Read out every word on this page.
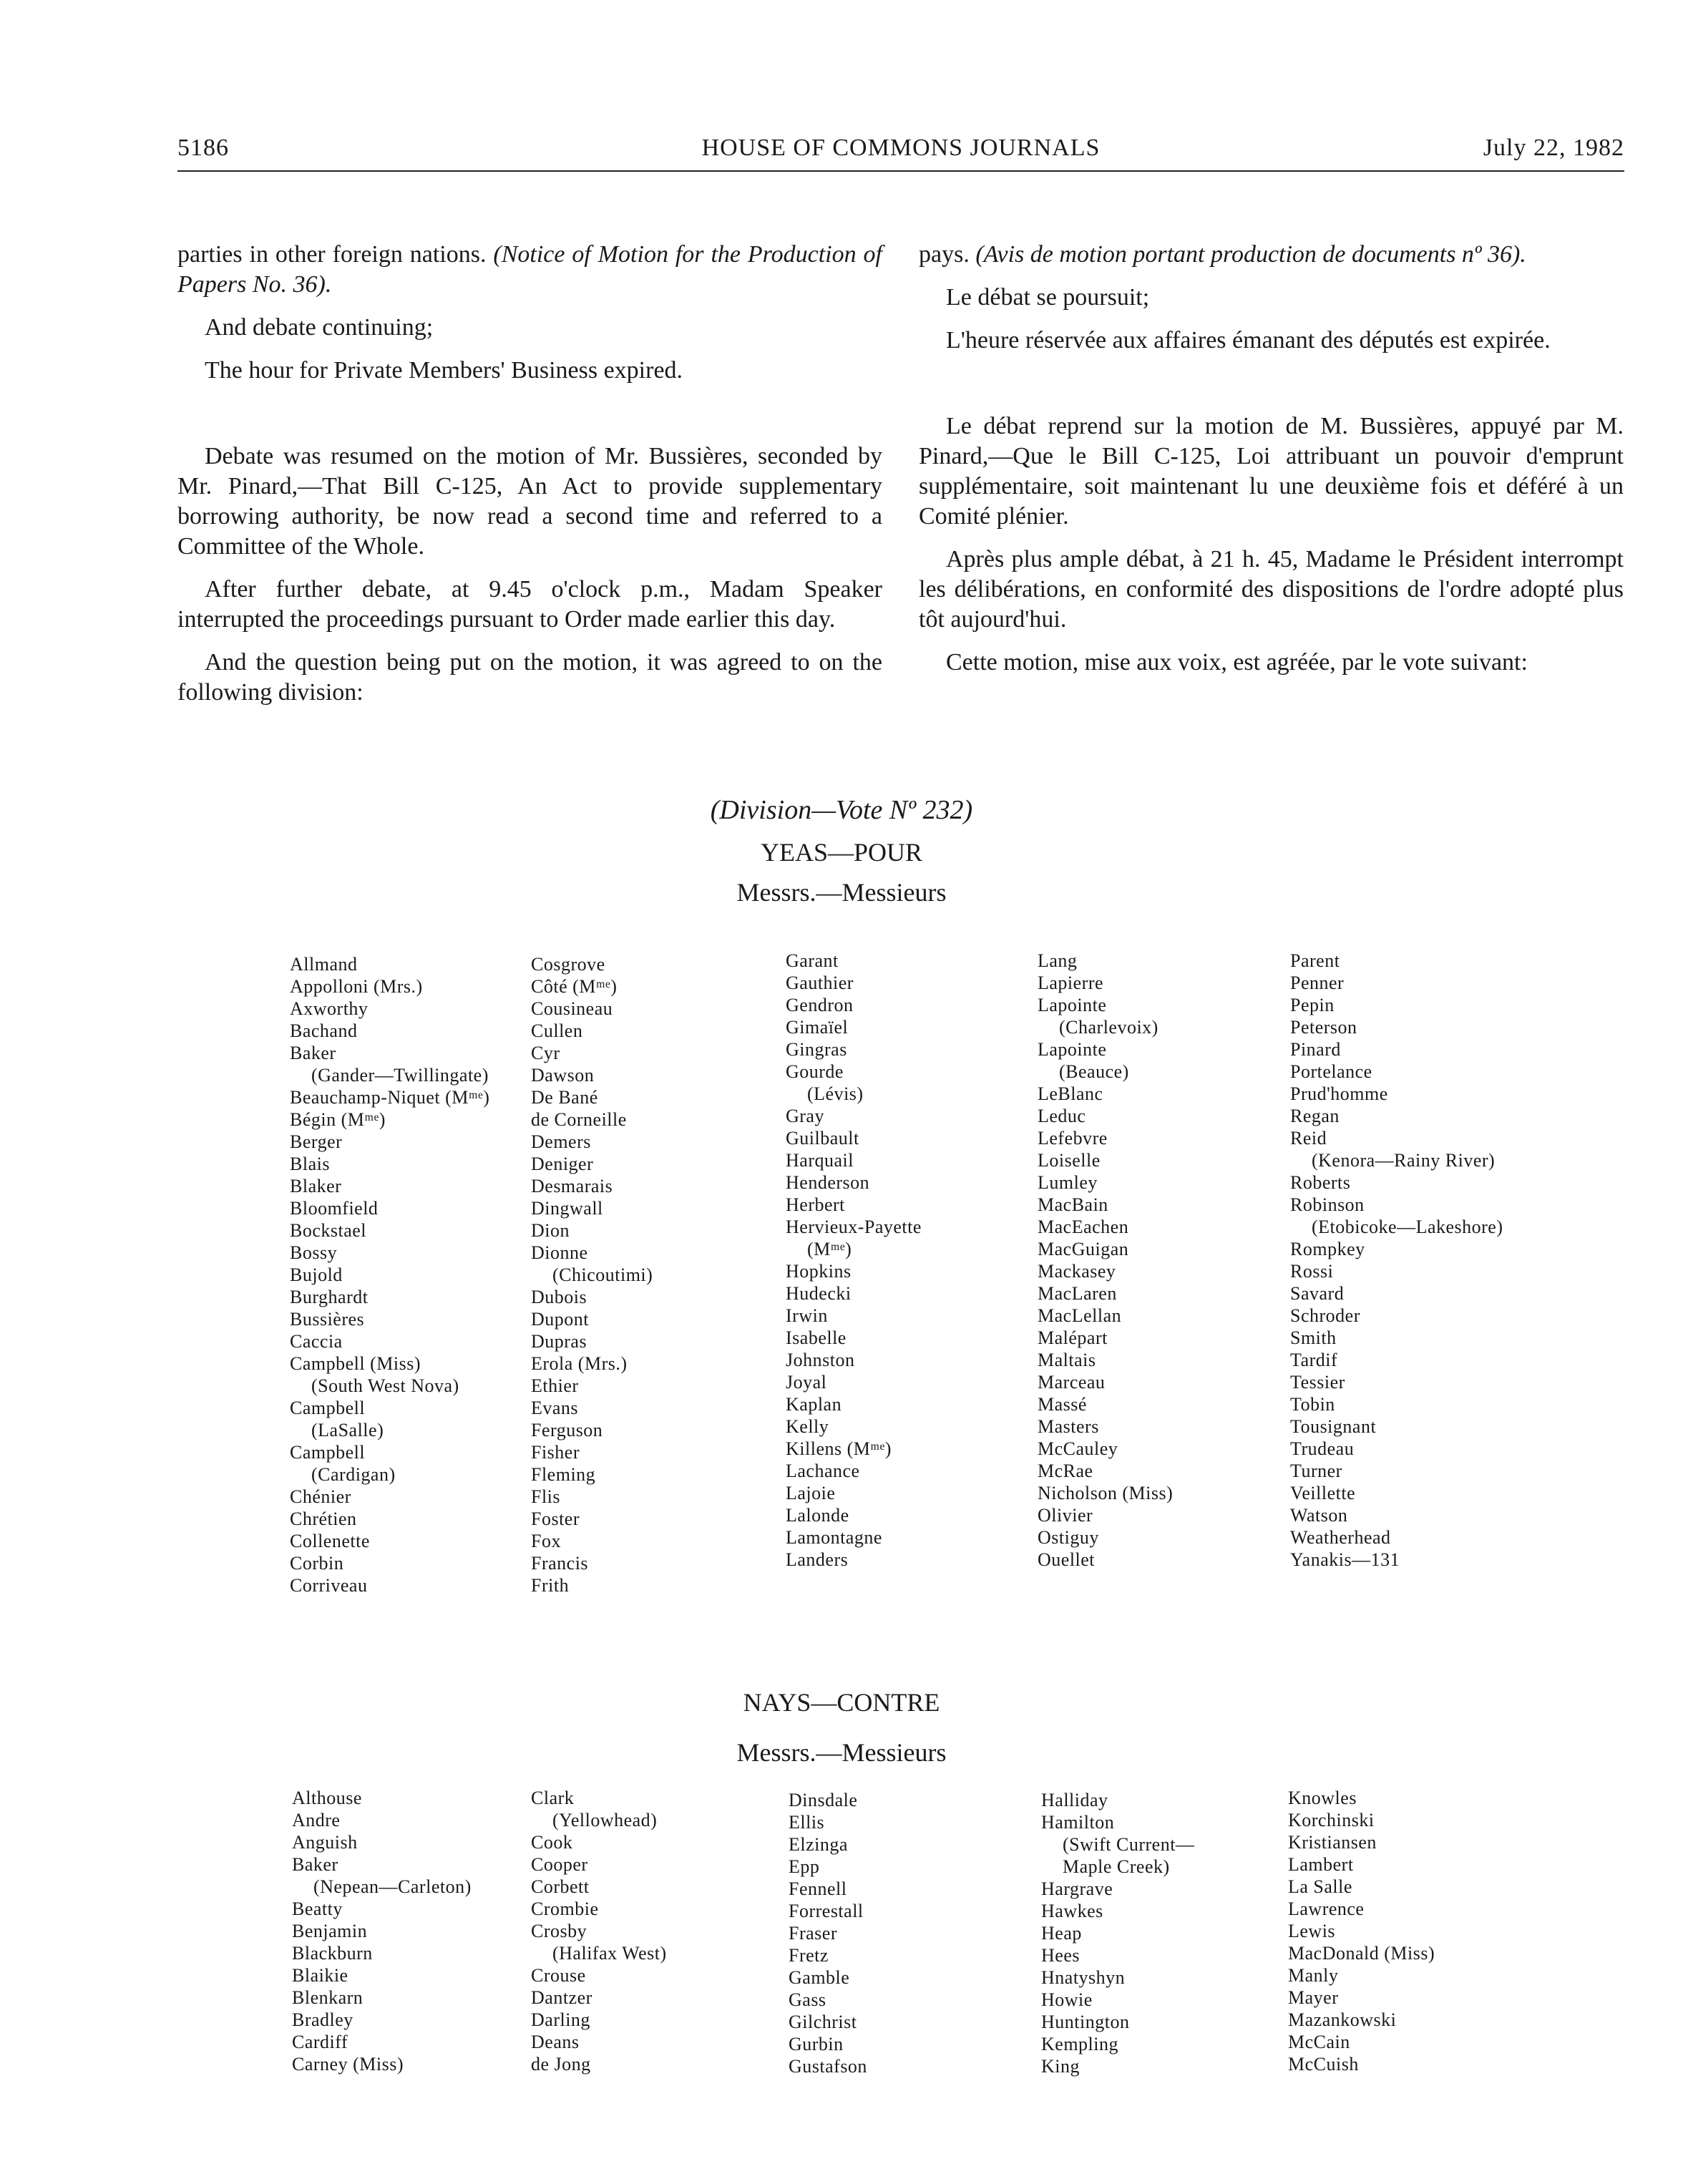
5186	HOUSE OF COMMONS JOURNALS	July 22, 1982

parties in other foreign nations. (Notice of Motion for the Production of Papers No. 36).

And debate continuing;

The hour for Private Members' Business expired.

Debate was resumed on the motion of Mr. Bussières, seconded by Mr. Pinard,—That Bill C-125, An Act to provide supplementary borrowing authority, be now read a second time and referred to a Committee of the Whole.

After further debate, at 9.45 o'clock p.m., Madam Speaker interrupted the proceedings pursuant to Order made earlier this day.

And the question being put on the motion, it was agreed to on the following division:

pays. (Avis de motion portant production de documents nº 36).

Le débat se poursuit;

L'heure réservée aux affaires émanant des députés est expirée.

Le débat reprend sur la motion de M. Bussières, appuyé par M. Pinard,—Que le Bill C-125, Loi attribuant un pouvoir d'emprunt supplémentaire, soit maintenant lu une deuxième fois et déféré à un Comité plénier.

Après plus ample débat, à 21 h. 45, Madame le Président interrompt les délibérations, en conformité des dispositions de l'ordre adopté plus tôt aujourd'hui.

Cette motion, mise aux voix, est agréée, par le vote suivant:

(Division—Vote Nº 232)
YEAS—POUR
Messrs.—Messieurs
Allmand
Appolloni (Mrs.)
Axworthy
Bachand
Baker
(Gander—Twillingate)
Beauchamp-Niquet (Mᵐᵉ)
Bégin (Mᵐᵉ)
Berger
Blais
Blaker
Bloomfield
Bockstael
Bossy
Bujold
Burghardt
Bussières
Caccia
Campbell (Miss)
(South West Nova)
Campbell
(LaSalle)
Campbell
(Cardigan)
Chénier
Chrétien
Collenette
Corbin
Corriveau
Cosgrove
Côté (Mᵐᵉ)
Cousineau
Cullen
Cyr
Dawson
De Bané
de Corneille
Demers
Deniger
Desmarais
Dingwall
Dion
Dionne
(Chicoutimi)
Dubois
Dupont
Dupras
Erola (Mrs.)
Ethier
Evans
Ferguson
Fisher
Fleming
Flis
Foster
Fox
Francis
Frith
Garant
Gauthier
Gendron
Gimaïel
Gingras
Gourde
(Lévis)
Gray
Guilbault
Harquail
Henderson
Herbert
Hervieux-Payette
(Mᵐᵉ)
Hopkins
Hudecki
Irwin
Isabelle
Johnston
Joyal
Kaplan
Kelly
Killens (Mᵐᵉ)
Lachance
Lajoie
Lalonde
Lamontagne
Landers
Lang
Lapierre
Lapointe
(Charlevoix)
Lapointe
(Beauce)
LeBlanc
Leduc
Lefebvre
Loiselle
Lumley
MacBain
MacEachen
MacGuigan
Mackasey
MacLaren
MacLellan
Malépart
Maltais
Marceau
Massé
Masters
McCauley
McRae
Nicholson (Miss)
Olivier
Ostiguy
Ouellet
Parent
Penner
Pepin
Peterson
Pinard
Portelance
Prud'homme
Regan
Reid
(Kenora—Rainy River)
Roberts
Robinson
(Etobicoke—Lakeshore)
Rompkey
Rossi
Savard
Schroder
Smith
Tardif
Tessier
Tobin
Tousignant
Trudeau
Turner
Veillette
Watson
Weatherhead
Yanakis—131
NAYS—CONTRE
Messrs.—Messieurs
Althouse
Andre
Anguish
Baker
(Nepean—Carleton)
Beatty
Benjamin
Blackburn
Blaikie
Blenkarn
Bradley
Cardiff
Carney (Miss)
Clark
(Yellowhead)
Cook
Cooper
Corbett
Crombie
Crosby
(Halifax West)
Crouse
Dantzer
Darling
Deans
de Jong
Dinsdale
Ellis
Elzinga
Epp
Fennell
Forrestall
Fraser
Fretz
Gamble
Gass
Gilchrist
Gurbin
Gustafson
Halliday
Hamilton
(Swift Current—
Maple Creek)
Hargrave
Hawkes
Heap
Hees
Hnatyshyn
Howie
Huntington
Kempling
King
Knowles
Korchinski
Kristiansen
Lambert
La Salle
Lawrence
Lewis
MacDonald (Miss)
Manly
Mayer
Mazankowski
McCain
McCuish
